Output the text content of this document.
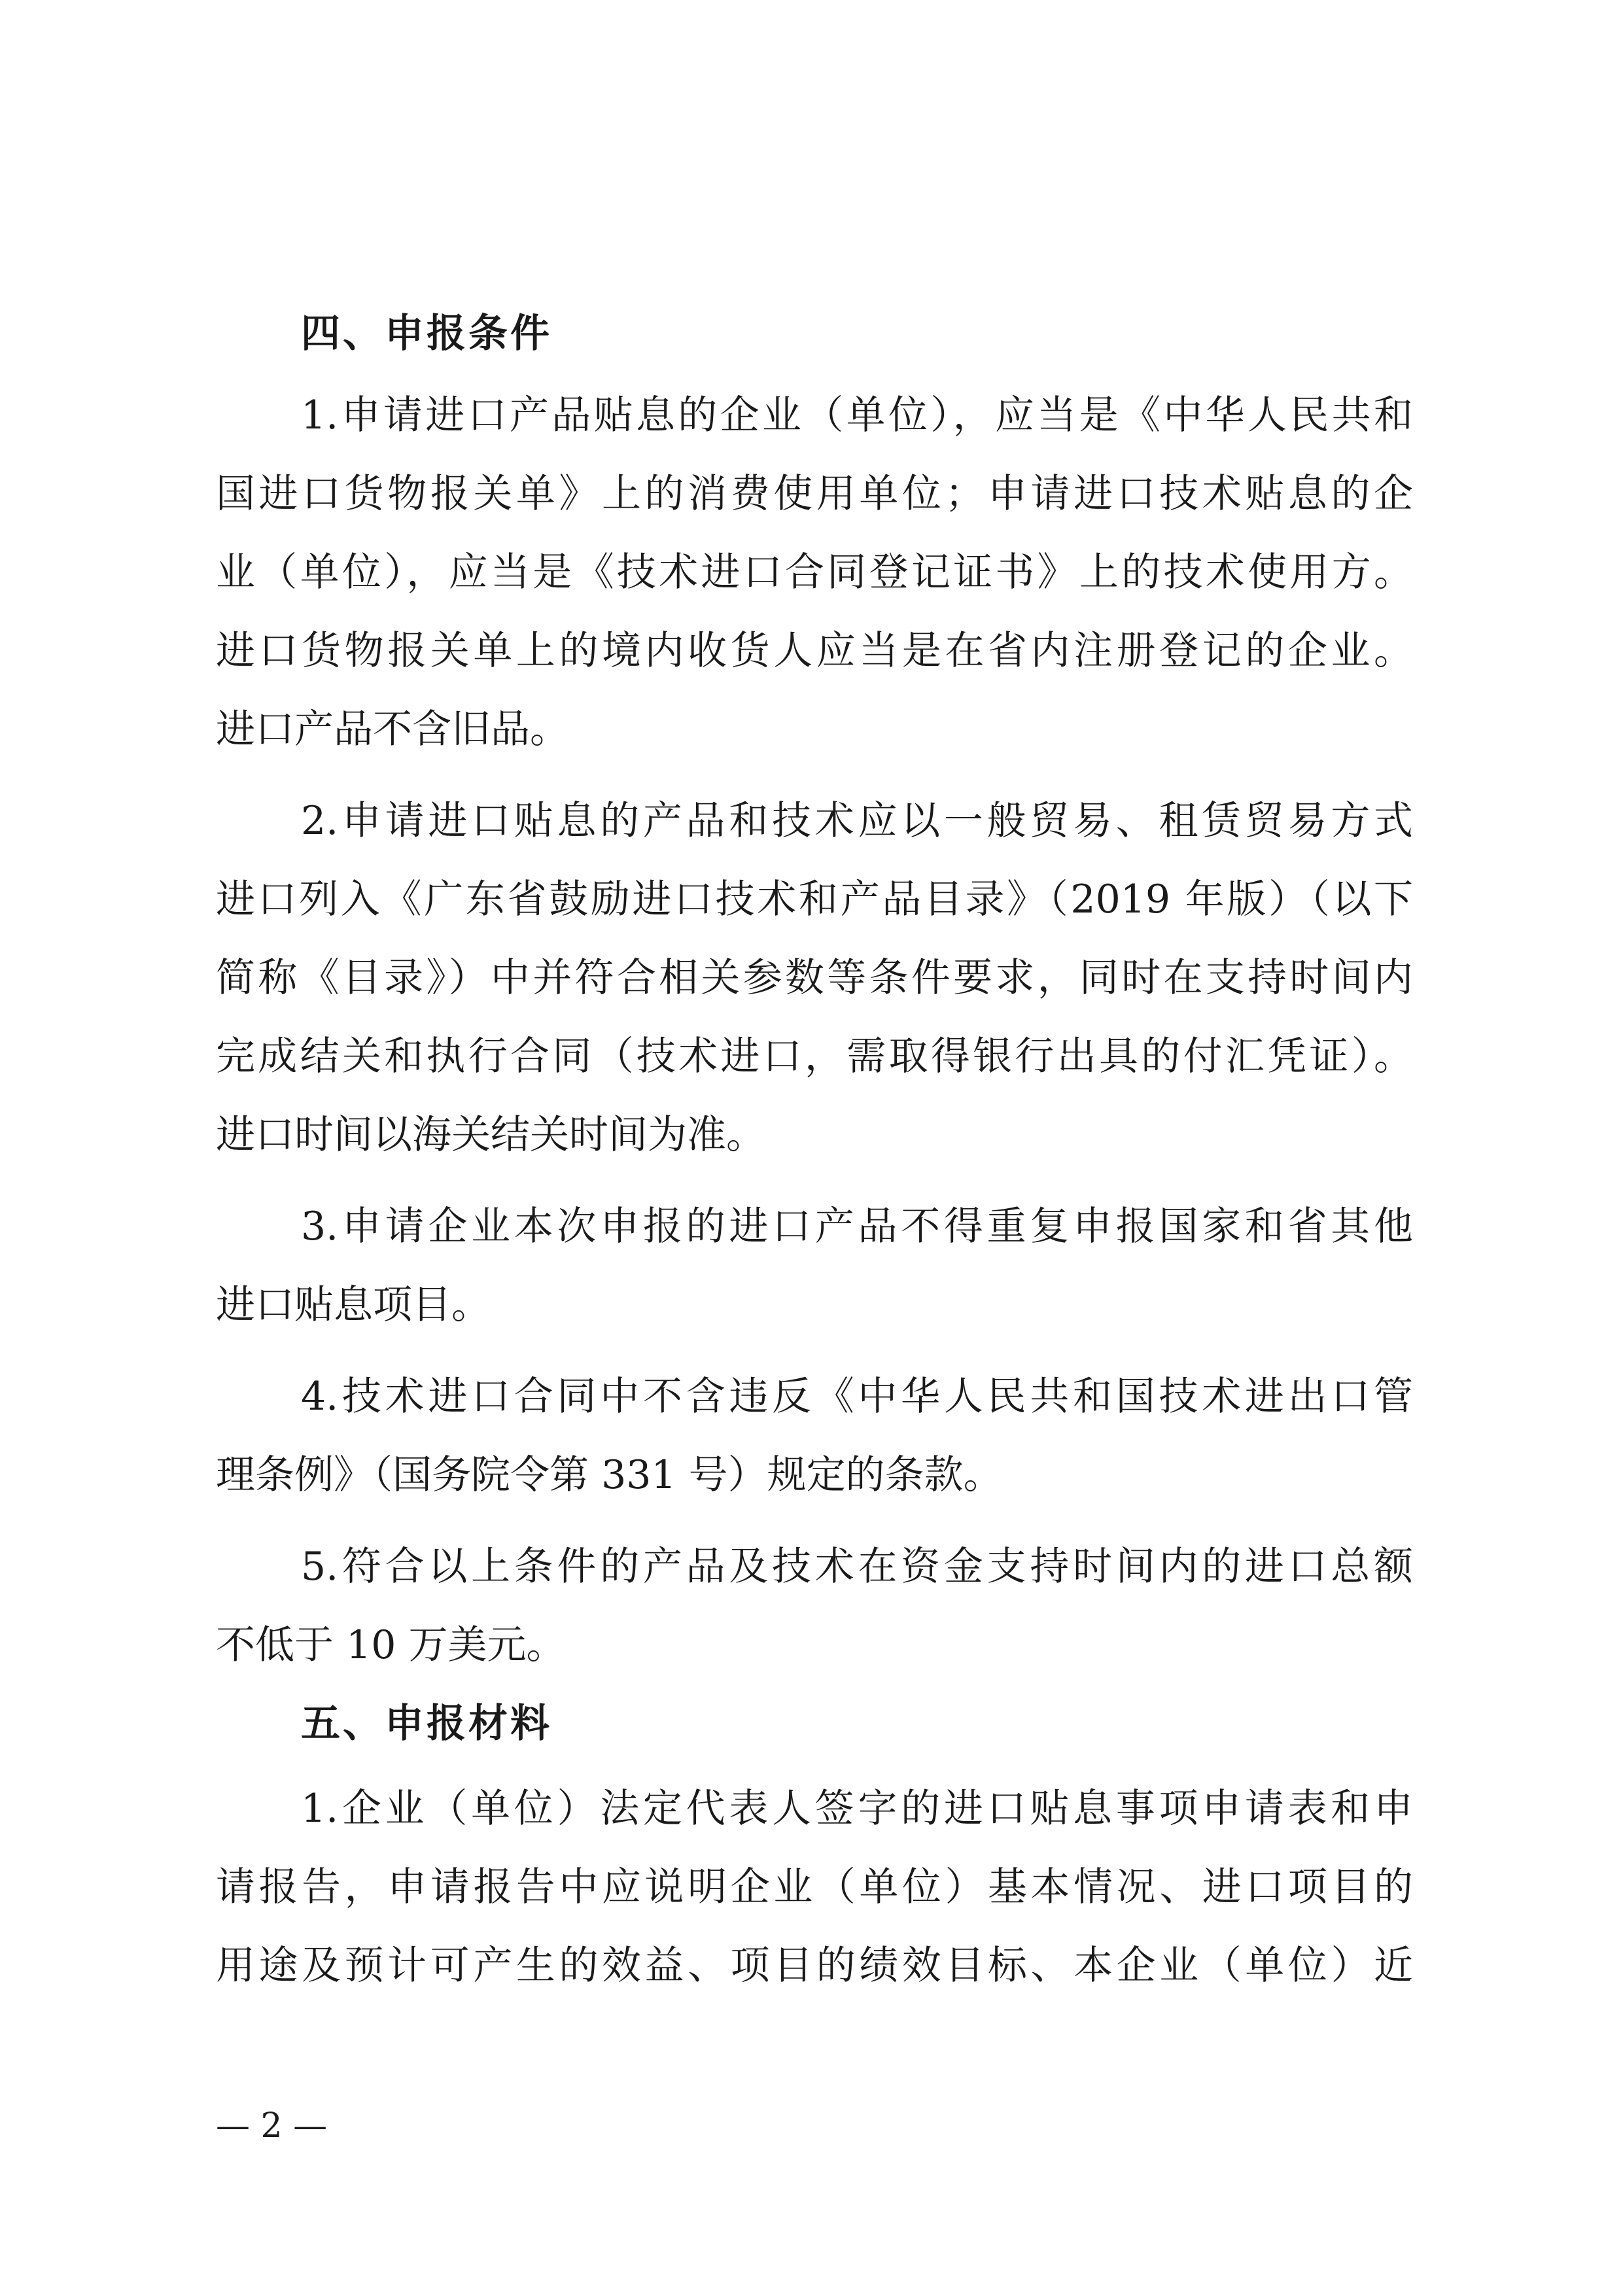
四、申报条件
1.申请进口产品贴息的企业（单位），应当是《中华人民共和
国进口货物报关单》上的消费使用单位；申请进口技术贴息的企
业（单位），应当是《技术进口合同登记证书》上的技术使用方。
进口货物报关单上的境内收货人应当是在省内注册登记的企业。
进口产品不含旧品。
2.申请进口贴息的产品和技术应以一般贸易、租赁贸易方式
进口列入《广东省鼓励进口技术和产品目录》（2019 年版）（以下
简称《目录》）中并符合相关参数等条件要求，同时在支持时间内
完成结关和执行合同（技术进口，需取得银行出具的付汇凭证）。
进口时间以海关结关时间为准。
3.申请企业本次申报的进口产品不得重复申报国家和省其他
进口贴息项目。
4.技术进口合同中不含违反《中华人民共和国技术进出口管
理条例》（国务院令第 331 号）规定的条款。
5.符合以上条件的产品及技术在资金支持时间内的进口总额
不低于 10 万美元。
五、申报材料
1.企业（单位）法定代表人签字的进口贴息事项申请表和申
请报告，申请报告中应说明企业（单位）基本情况、进口项目的
用途及预计可产生的效益、项目的绩效目标、本企业（单位）近
— 2 —
